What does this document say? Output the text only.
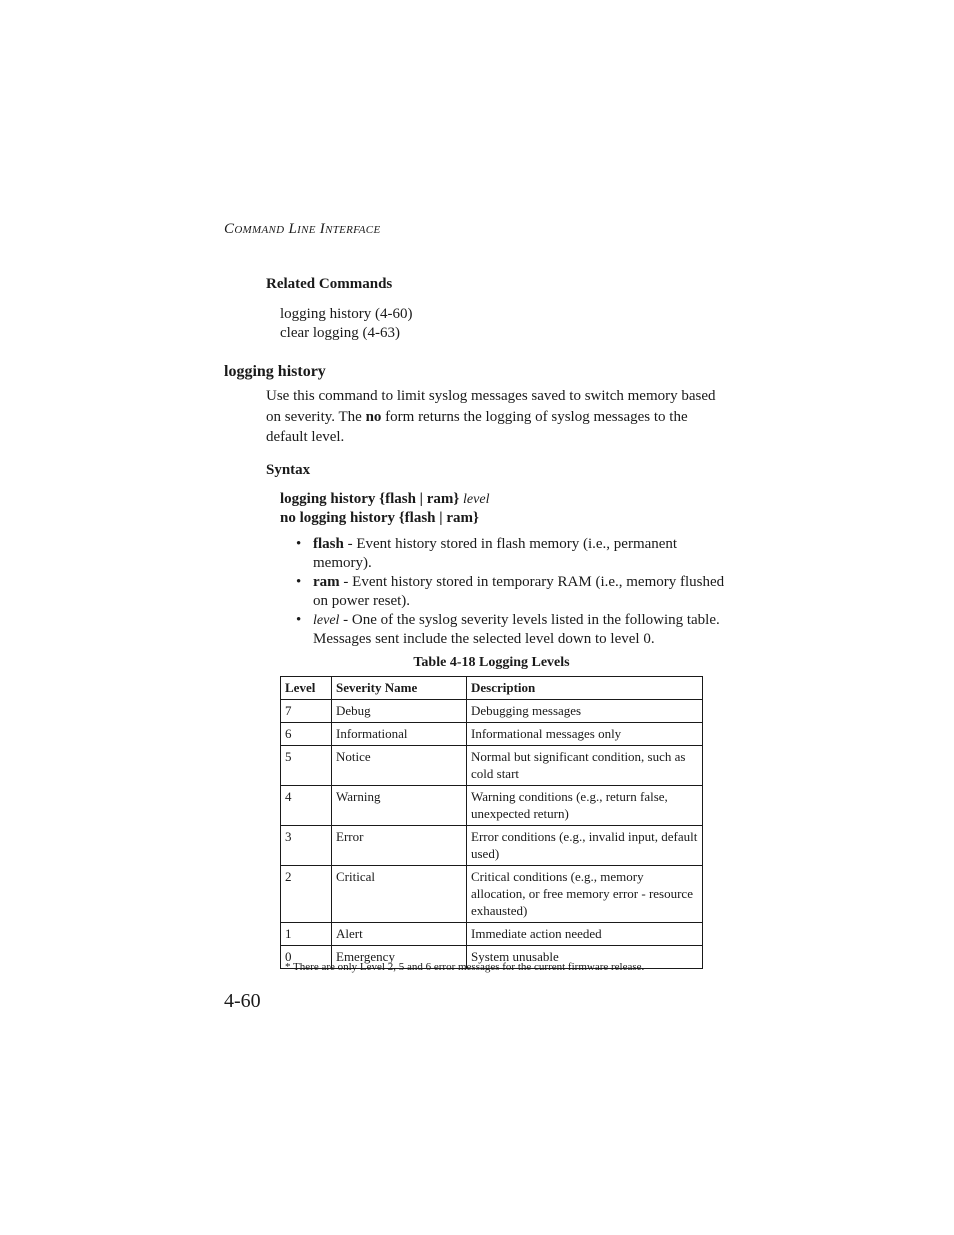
COMMAND LINE INTERFACE
Related Commands
logging history (4-60)
clear logging (4-63)
logging history
Use this command to limit syslog messages saved to switch memory based on severity. The no form returns the logging of syslog messages to the default level.
Syntax
logging history {flash | ram} level
no logging history {flash | ram}
• flash - Event history stored in flash memory (i.e., permanent memory).
• ram - Event history stored in temporary RAM (i.e., memory flushed on power reset).
• level - One of the syslog severity levels listed in the following table. Messages sent include the selected level down to level 0.
Table 4-18 Logging Levels
Level	Severity Name	Description
7	Debug	Debugging messages
6	Informational	Informational messages only
5	Notice	Normal but significant condition, such as cold start
4	Warning	Warning conditions (e.g., return false, unexpected return)
3	Error	Error conditions (e.g., invalid input, default used)
2	Critical	Critical conditions (e.g., memory allocation, or free memory error - resource exhausted)
1	Alert	Immediate action needed
0	Emergency	System unusable
* There are only Level 2, 5 and 6 error messages for the current firmware release.
4-60
